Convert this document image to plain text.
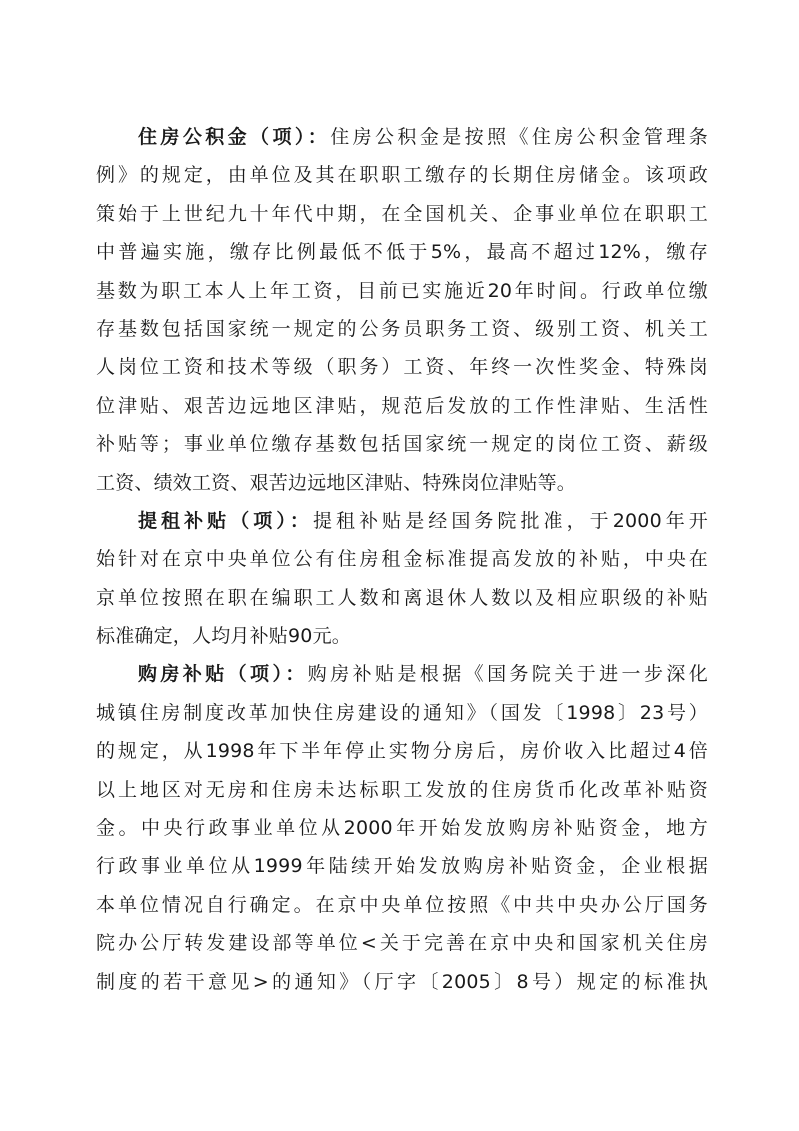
住房公积金（项）：住房公积金是按照《住房公积金管理条
例》的规定，由单位及其在职职工缴存的长期住房储金。该项政
策始于上世纪九十年代中期，在全国机关、企事业单位在职职工
中普遍实施，缴存比例最低不低于5%，最高不超过12%，缴存
基数为职工本人上年工资，目前已实施近20年时间。行政单位缴
存基数包括国家统一规定的公务员职务工资、级别工资、机关工
人岗位工资和技术等级（职务）工资、年终一次性奖金、特殊岗
位津贴、艰苦边远地区津贴，规范后发放的工作性津贴、生活性
补贴等；事业单位缴存基数包括国家统一规定的岗位工资、薪级
工资、绩效工资、艰苦边远地区津贴、特殊岗位津贴等。
提租补贴（项）：提租补贴是经国务院批准，于2000年开
始针对在京中央单位公有住房租金标准提高发放的补贴，中央在
京单位按照在职在编职工人数和离退休人数以及相应职级的补贴
标准确定，人均月补贴90元。
购房补贴（项）：购房补贴是根据《国务院关于进一步深化
城镇住房制度改革加快住房建设的通知》（国发〔1998〕23号）
的规定，从1998年下半年停止实物分房后，房价收入比超过4倍
以上地区对无房和住房未达标职工发放的住房货币化改革补贴资
金。中央行政事业单位从2000年开始发放购房补贴资金，地方
行政事业单位从1999年陆续开始发放购房补贴资金，企业根据
本单位情况自行确定。在京中央单位按照《中共中央办公厅国务
院办公厅转发建设部等单位<关于完善在京中央和国家机关住房
制度的若干意见>的通知》（厅字〔2005〕8号）规定的标准执
